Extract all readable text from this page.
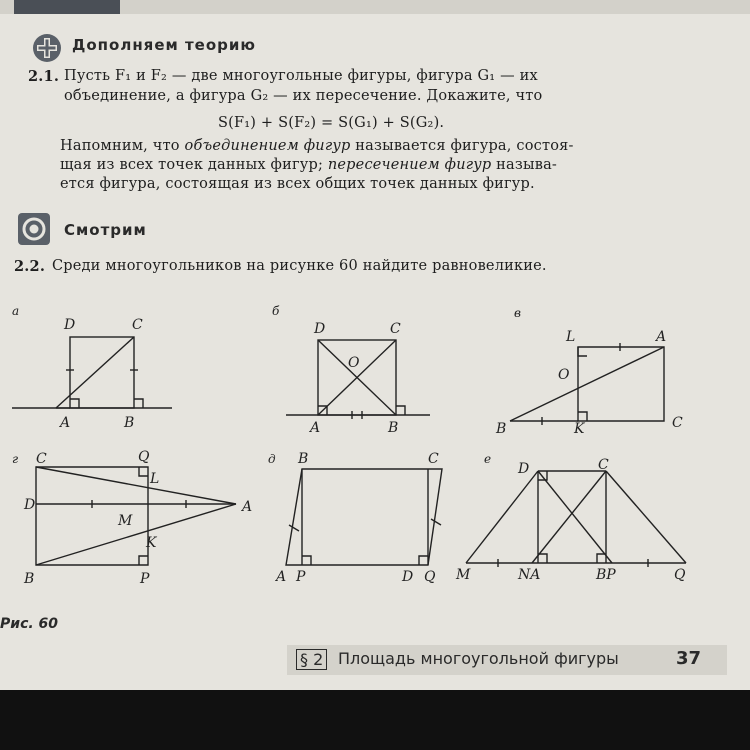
Дополняем теорию
2.1. Пусть F₁ и F₂ — две многоугольные фигуры, фигура G₁ — их
объединение, а фигура G₂ — их пересечение. Докажите, что
S(F₁) + S(F₂) = S(G₁) + S(G₂).
Напомним, что объединением фигур называется фигура, состоя-
щая из всех точек данных фигур; пересечением фигур называ-
ется фигура, состоящая из всех общих точек данных фигур.
Смотрим
2.2. Среди многоугольников на рисунке 60 найдите равновеликие.
а	б	в
г	д	е
D	C
A	B
D	C
O
A	B
L	A
O
B	K	C
C	Q
L
D	A
M
K
B	P
B	C
A P	D Q
D	C
M	NA	BP	Q
Рис. 60
§ 2 Площадь многоугольной фигуры	37
